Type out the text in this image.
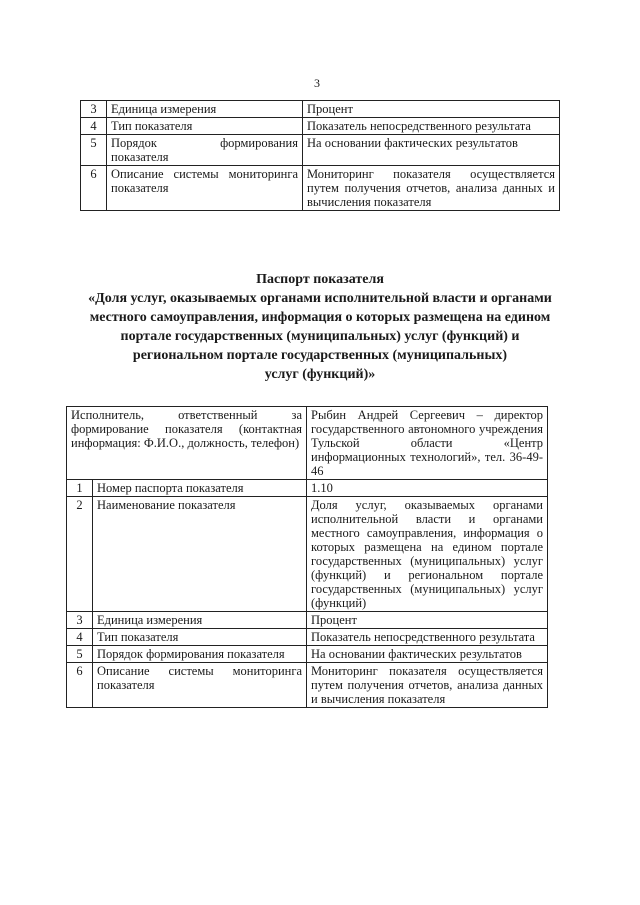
3
3	Единица измерения	Процент
4	Тип показателя	Показатель непосредственного результата
5	Порядок формирования показателя	На основании фактических результатов
6	Описание системы мониторинга показателя	Мониторинг показателя осуществляется путем получения отчетов, анализа данных и вычисления показателя
Паспорт показателя
«Доля услуг, оказываемых органами исполнительной власти и органами
местного самоуправления, информация о которых размещена на едином
портале государственных (муниципальных) услуг (функций) и
региональном портале государственных (муниципальных)
услуг (функций)»
Исполнитель, ответственный за формирование показателя (контактная информация: Ф.И.О., должность, телефон)		Рыбин Андрей Сергеевич – директор государственного автономного учреждения Тульской области «Центр информационных технологий», тел. 36-49-46
1	Номер паспорта показателя	1.10
2	Наименование показателя	Доля услуг, оказываемых органами исполнительной власти и органами местного самоуправления, информация о которых размещена на едином портале государственных (муниципальных) услуг (функций) и региональном портале государственных (муниципальных) услуг (функций)
3	Единица измерения	Процент
4	Тип показателя	Показатель непосредственного результата
5	Порядок формирования показателя	На основании фактических результатов
6	Описание системы мониторинга показателя	Мониторинг показателя осуществляется путем получения отчетов, анализа данных и вычисления показателя
